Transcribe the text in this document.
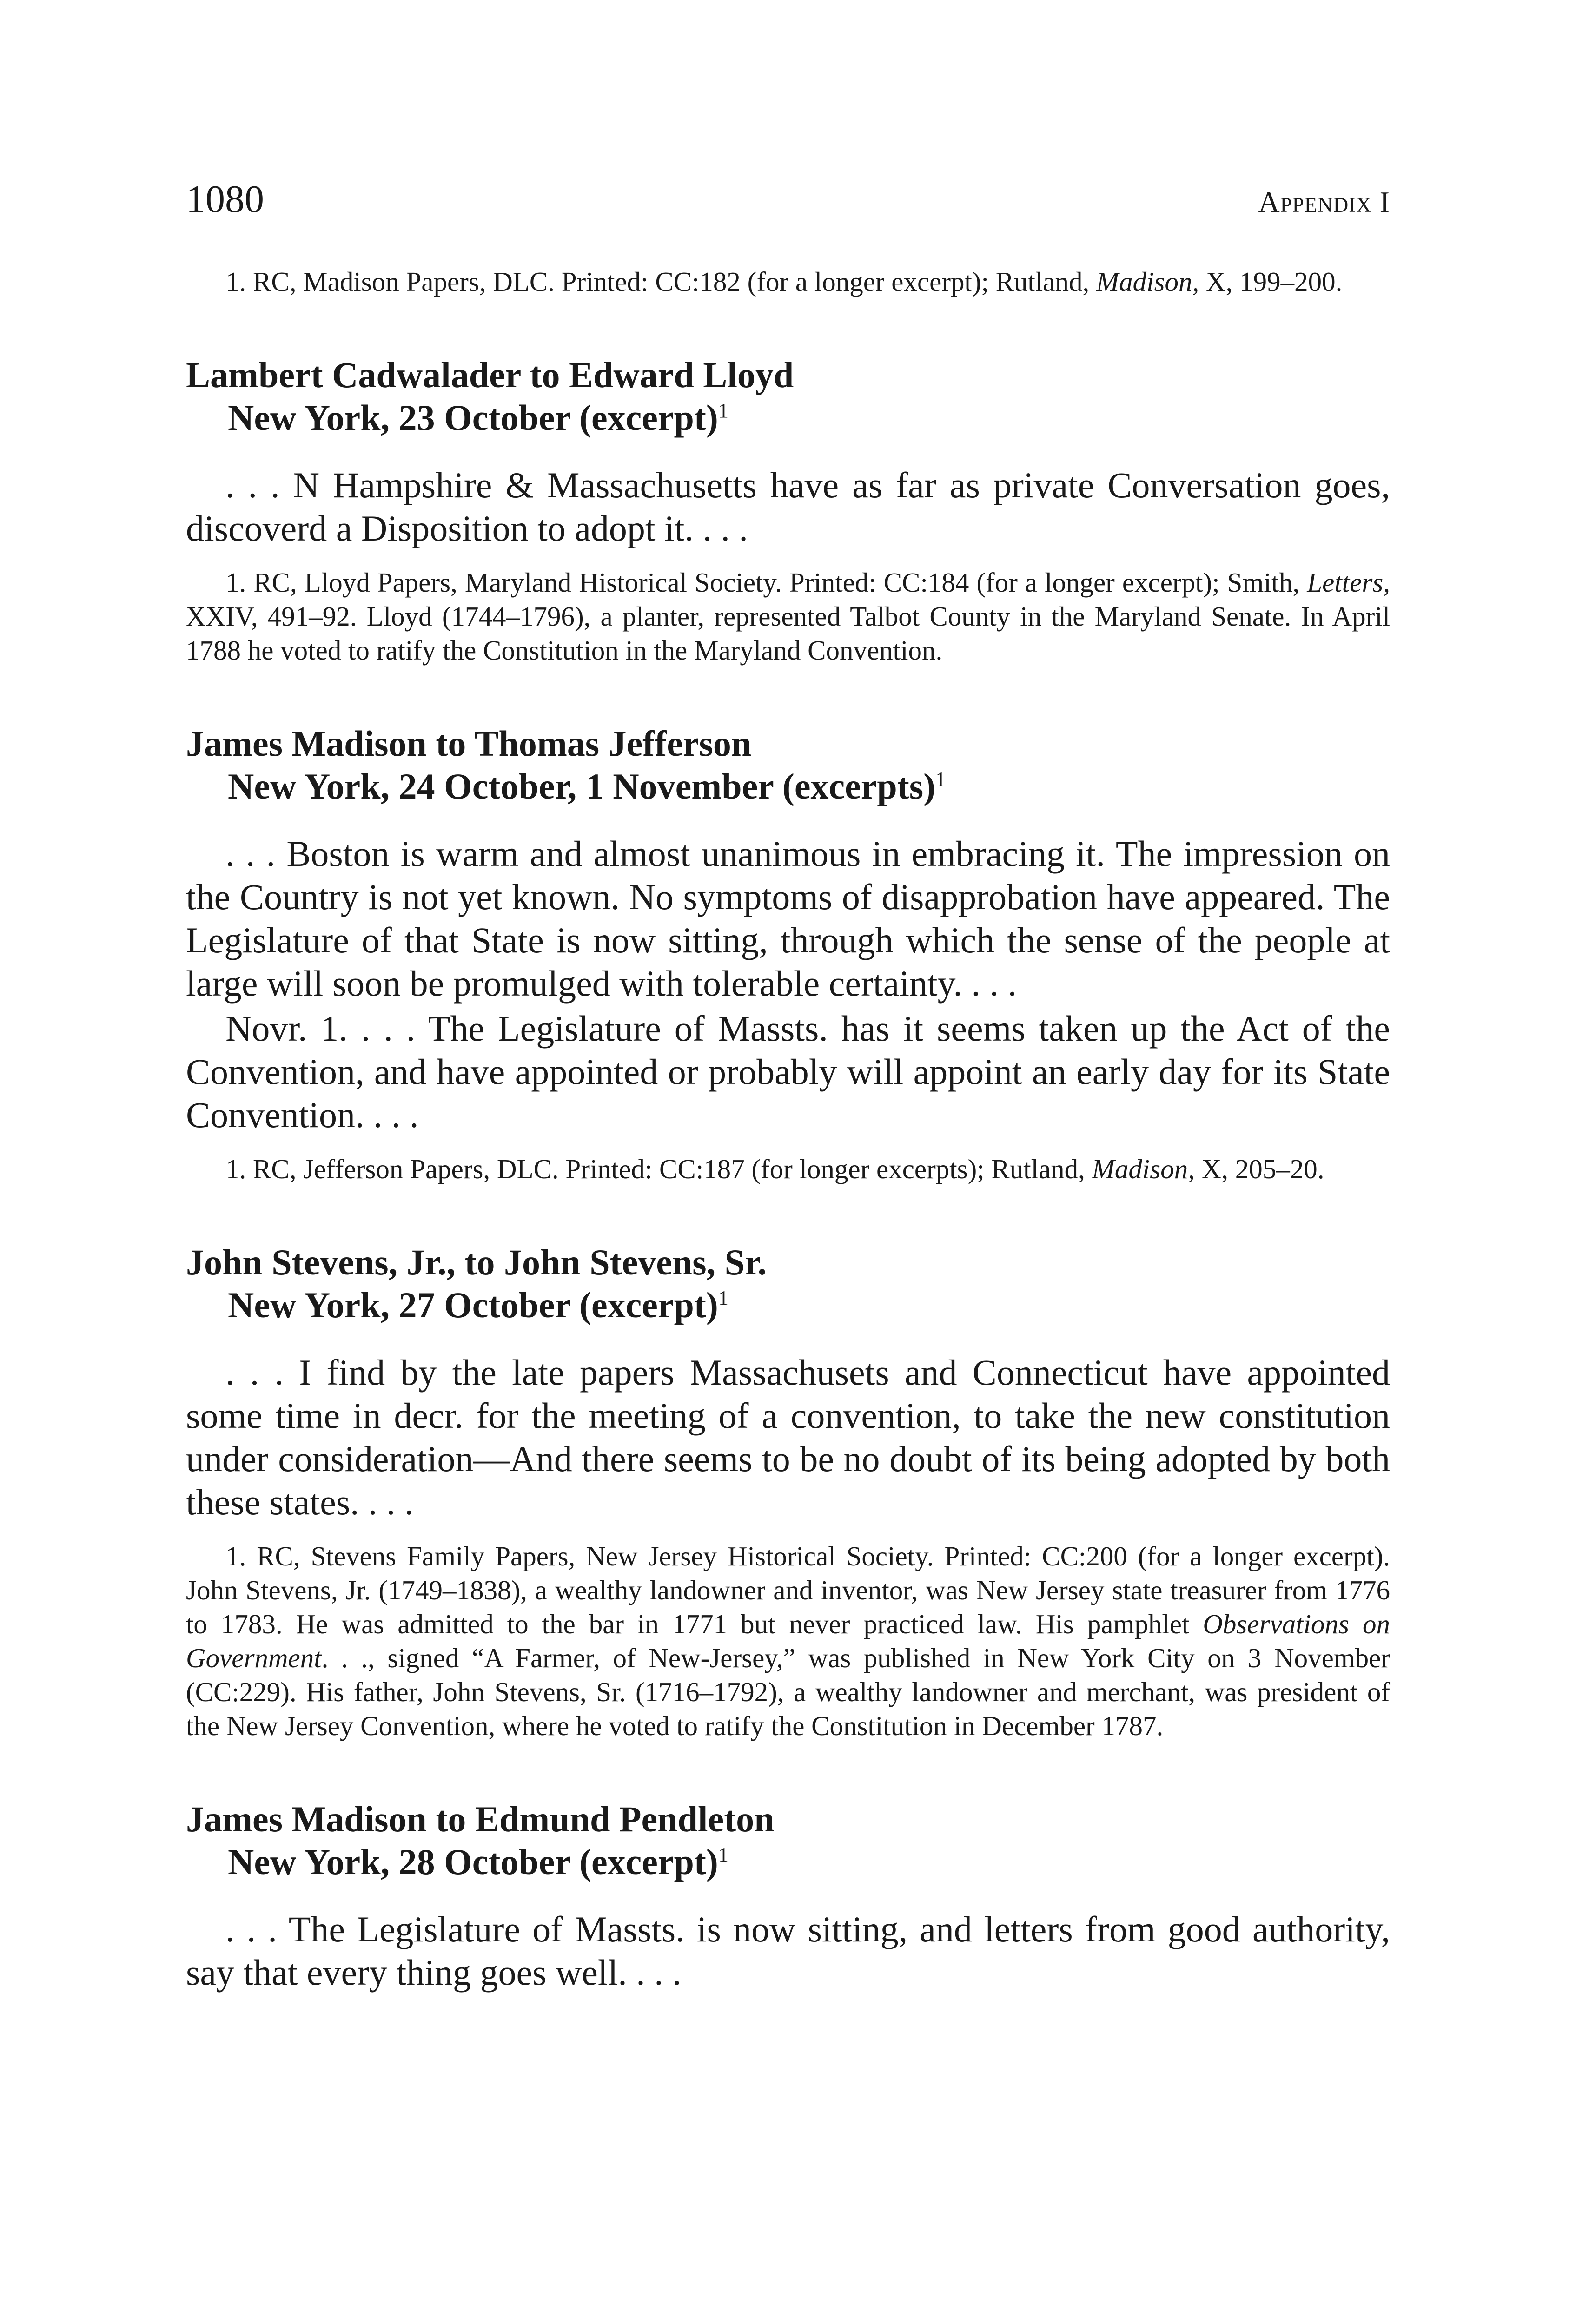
1080	Appendix I

1. RC, Madison Papers, DLC. Printed: CC:182 (for a longer excerpt); Rutland, Madison, X, 199–200.

Lambert Cadwalader to Edward Lloyd
New York, 23 October (excerpt)$^1$

. . . N Hampshire & Massachusetts have as far as private Conversation goes, discoverd a Disposition to adopt it. . . .

1. RC, Lloyd Papers, Maryland Historical Society. Printed: CC:184 (for a longer excerpt); Smith, Letters, XXIV, 491–92. Lloyd (1744–1796), a planter, represented Talbot County in the Maryland Senate. In April 1788 he voted to ratify the Constitution in the Maryland Convention.

James Madison to Thomas Jefferson
New York, 24 October, 1 November (excerpts)$^1$

. . . Boston is warm and almost unanimous in embracing it. The impression on the Country is not yet known. No symptoms of disapprobation have appeared. The Legislature of that State is now sitting, through which the sense of the people at large will soon be promulged with tolerable certainty. . . .

Novr. 1. . . . The Legislature of Massts. has it seems taken up the Act of the Convention, and have appointed or probably will appoint an early day for its State Convention. . . .

1. RC, Jefferson Papers, DLC. Printed: CC:187 (for longer excerpts); Rutland, Madison, X, 205–20.

John Stevens, Jr., to John Stevens, Sr.
New York, 27 October (excerpt)$^1$

. . . I find by the late papers Massachusets and Connecticut have appointed some time in decr. for the meeting of a convention, to take the new constitution under consideration—And there seems to be no doubt of its being adopted by both these states. . . .

1. RC, Stevens Family Papers, New Jersey Historical Society. Printed: CC:200 (for a longer excerpt). John Stevens, Jr. (1749–1838), a wealthy landowner and inventor, was New Jersey state treasurer from 1776 to 1783. He was admitted to the bar in 1771 but never practiced law. His pamphlet Observations on Government. . ., signed “A Farmer, of New-Jersey,” was published in New York City on 3 November (CC:229). His father, John Stevens, Sr. (1716–1792), a wealthy landowner and merchant, was president of the New Jersey Convention, where he voted to ratify the Constitution in December 1787.

James Madison to Edmund Pendleton
New York, 28 October (excerpt)$^1$

. . . The Legislature of Massts. is now sitting, and letters from good authority, say that every thing goes well. . . .
